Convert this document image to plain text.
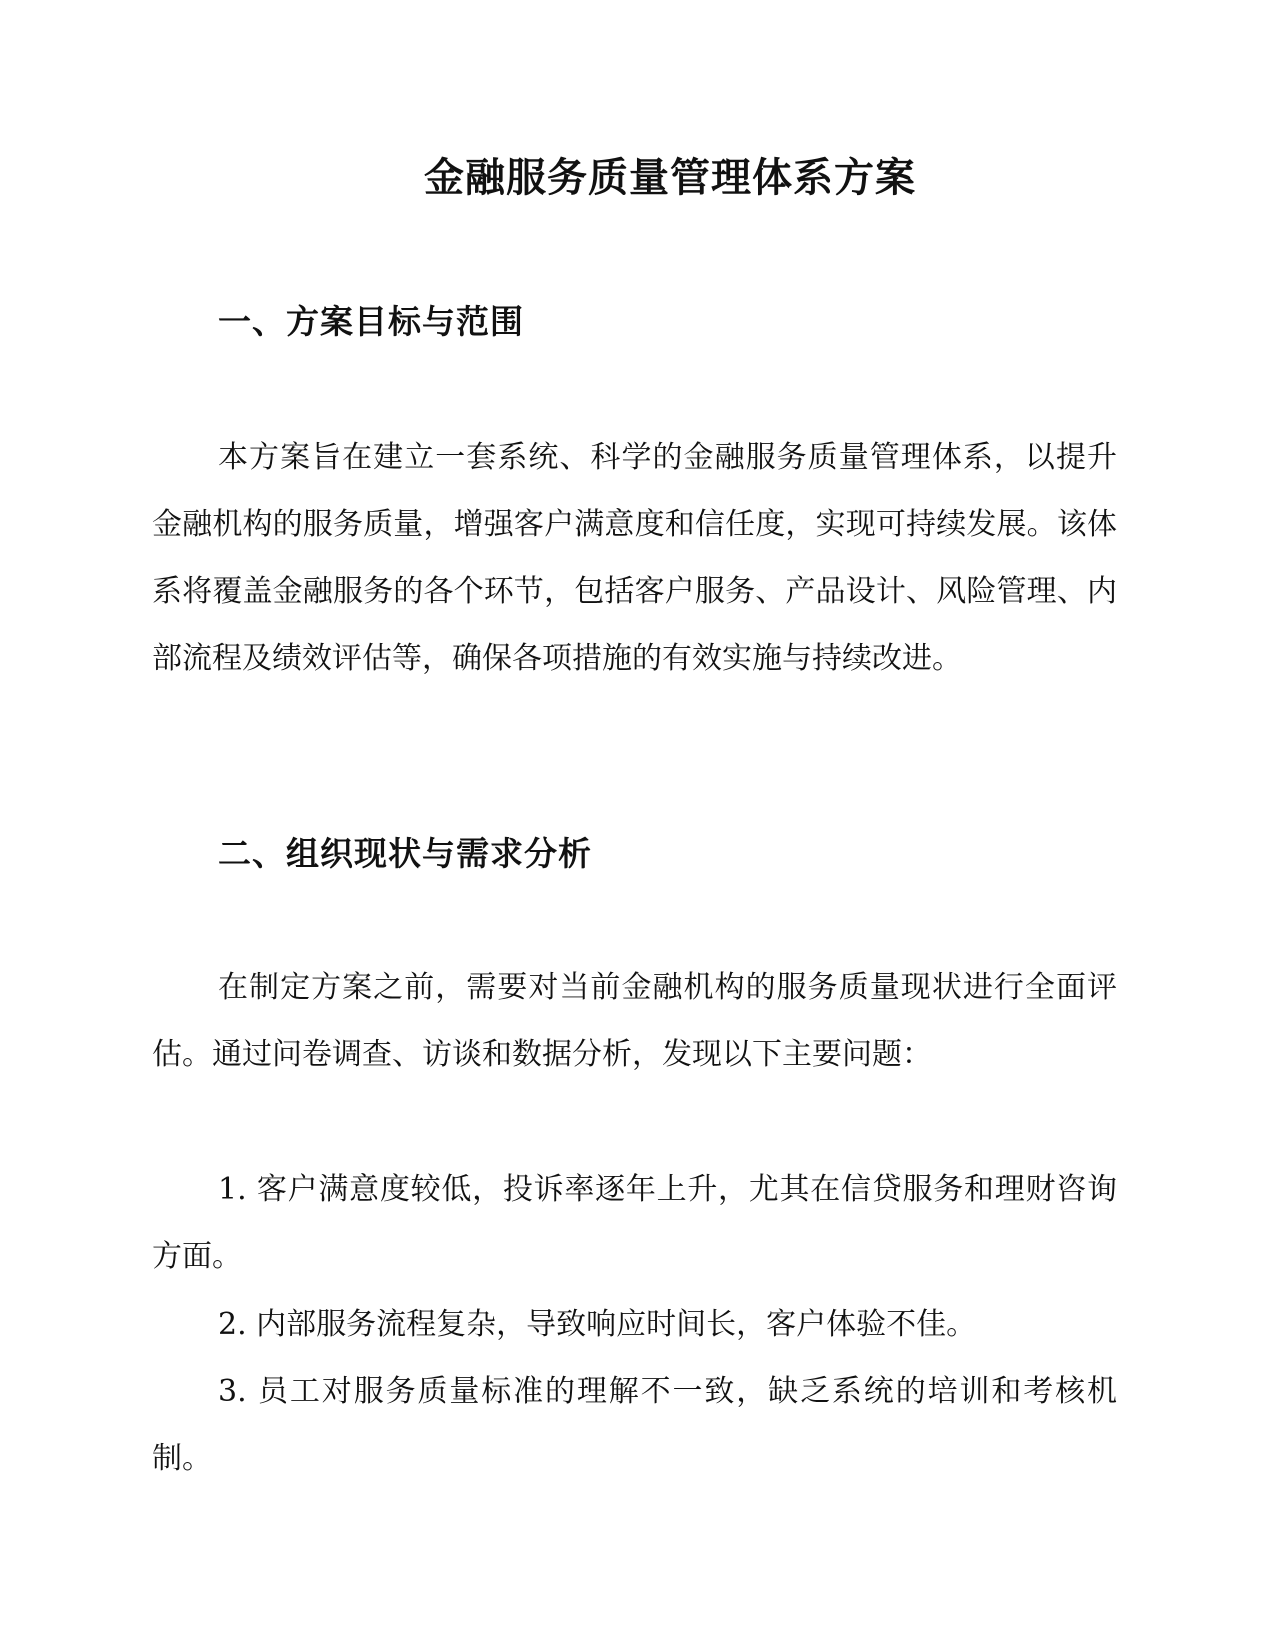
金融服务质量管理体系方案
一、方案目标与范围

本方案旨在建立一套系统、科学的金融服务质量管理体系，以提升金融机构的服务质量，增强客户满意度和信任度，实现可持续发展。该体系将覆盖金融服务的各个环节，包括客户服务、产品设计、风险管理、内部流程及绩效评估等，确保各项措施的有效实施与持续改进。

二、组织现状与需求分析

在制定方案之前，需要对当前金融机构的服务质量现状进行全面评估。通过问卷调查、访谈和数据分析，发现以下主要问题：

1. 客户满意度较低，投诉率逐年上升，尤其在信贷服务和理财咨询方面。

2. 内部服务流程复杂，导致响应时间长，客户体验不佳。

3. 员工对服务质量标准的理解不一致，缺乏系统的培训和考核机制。
